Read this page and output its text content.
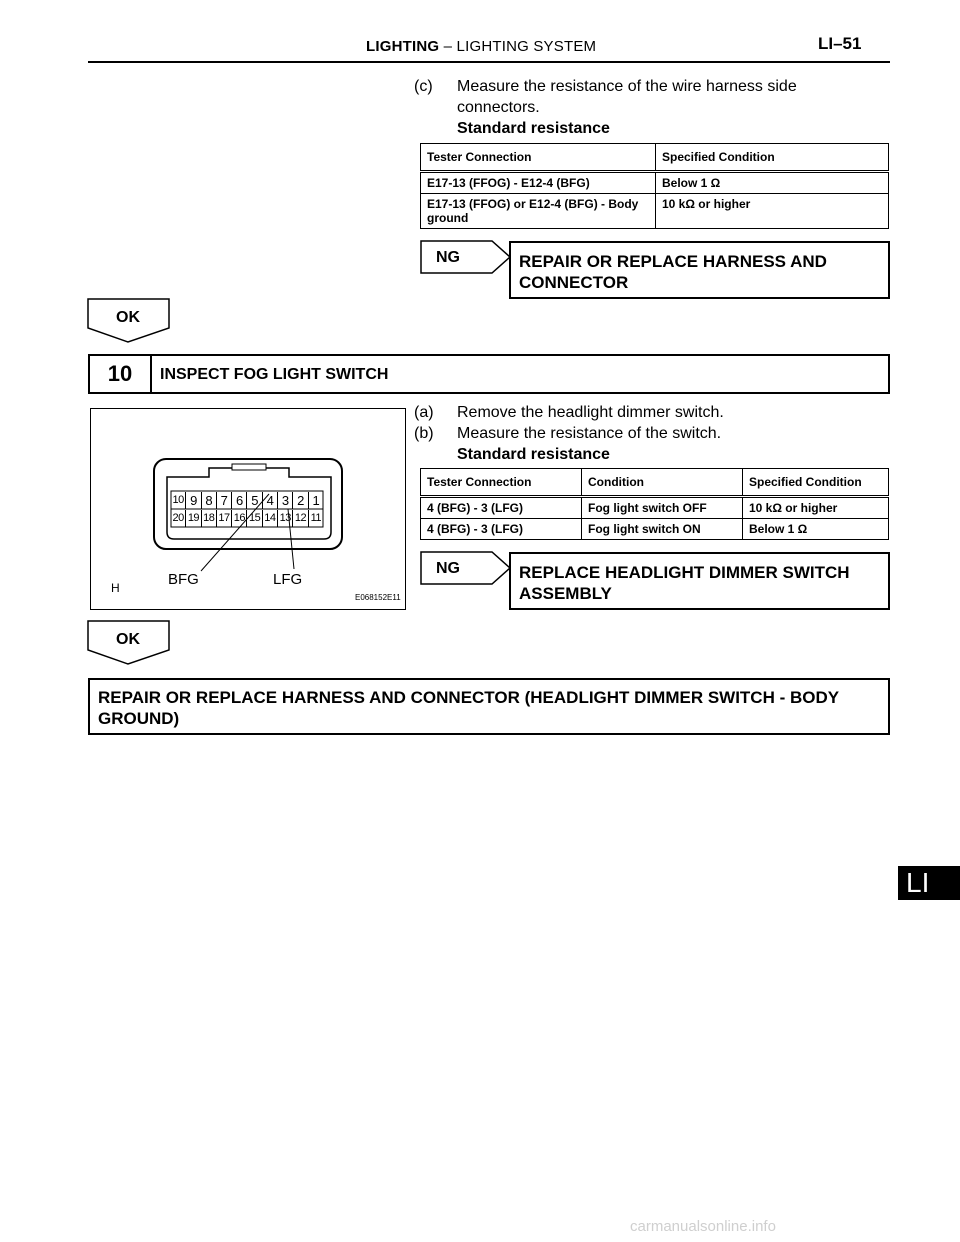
LIGHTING – LIGHTING SYSTEM	LI–51
(c) Measure the resistance of the wire harness side
connectors.
Standard resistance
Tester Connection	Specified Condition
E17-13 (FFOG) - E12-4 (BFG)	Below 1 Ω
E17-13 (FFOG) or E12-4 (BFG) - Body ground	10 kΩ or higher
NG	REPAIR OR REPLACE HARNESS AND
CONNECTOR
OK
10	INSPECT FOG LIGHT SWITCH
10 9 8 7 6 5 4 3 2 1
20 19 18 17 16 15 14 13 12 11
BFG	LFG
H
E068152E11
(a) Remove the headlight dimmer switch.
(b) Measure the resistance of the switch.
Standard resistance
Tester Connection	Condition	Specified Condition
4 (BFG) - 3 (LFG)	Fog light switch OFF	10 kΩ or higher
4 (BFG) - 3 (LFG)	Fog light switch ON	Below 1 Ω
NG	REPLACE HEADLIGHT DIMMER SWITCH
ASSEMBLY
OK
REPAIR OR REPLACE HARNESS AND CONNECTOR (HEADLIGHT DIMMER SWITCH - BODY
GROUND)
LI
carmanualsonline.info
